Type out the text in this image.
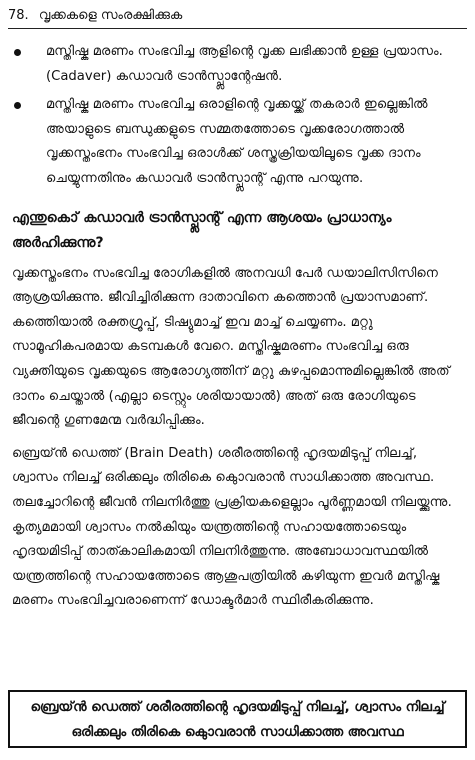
78. വൃക്കകളെ സംരക്ഷിക്കുക
മസ്തിഷ്ക മരണം സംഭവിച്ച ആളിന്റെ വൃക്ക ലഭിക്കാൻ ഉള്ള പ്രയാസം. (Cadaver) കഡാവർ ട്രാൻസ്പ്ലാന്റേഷൻ.
മസ്തിഷ്ക മരണം സംഭവിച്ച ഒരാളിന്റെ വൃക്കയ്ക്ക് തകരാർ ഇല്ലെങ്കിൽ അയാളുടെ ബന്ധുക്കളുടെ സമ്മതത്തോടെ വൃക്കരോഗത്താൽ വൃക്കസ്തംഭനം സംഭവിച്ച ഒരാൾക്ക് ശസ്ത്രക്രിയയിലൂടെ വൃക്ക ദാനം ചെയ്യുന്നതിനും കഡാവർ ട്രാൻസ്പ്ലാന്റ് എന്നു പറയുന്നു.
എന്തുകൊ് കഡാവർ ട്രാൻസ്പ്ലാന്റ് എന്ന ആശയം പ്രാധാന്യം അർഹിക്കുന്നു?
വൃക്കസ്തംഭനം സംഭവിച്ച രോഗികളിൽ അനവധി പേർ ഡയാലിസിസിനെ ആശ്രയിക്കുന്നു. ജീവിച്ചിരിക്കുന്ന ദാതാവിനെ കത്തൊൻ പ്രയാസമാണ്. കത്തെിയാൽ രക്തഗ്രൂപ്പ്, ടിഷ്യുമാച്ച് ഇവ മാച്ച് ചെയ്യണം. മറ്റു സാമൂഹികപരമായ കടമ്പകൾ വേറെ. മസ്തിഷ്കമരണം സംഭവിച്ച ഒരു വ്യക്തിയുടെ വൃക്കയുടെ ആരോഗ്യത്തിന് മറ്റു കുഴപ്പമൊന്നുമില്ലെങ്കിൽ അത് ദാനം ചെയ്താൽ (എല്ലാ ടെസ്റ്റും ശരിയായാൽ) അത് ഒരു രോഗിയുടെ ജീവന്റെ ഗുണമേന്മ വർദ്ധിപ്പിക്കും.
ബ്രെയ്ൻ ഡെത്ത് (Brain Death) ശരീരത്തിന്റെ ഹൃദയമിടുപ്പ് നിലച്ച്, ശ്വാസം നിലച്ച് ഒരിക്കലും തിരികെ കൊുവരാൻ സാധിക്കാത്ത അവസ്ഥ. തലച്ചോറിന്റെ ജീവൻ നിലനിർത്തു പ്രക്രിയകളെല്ലാം പൂർണ്ണമായി നിലയ്ക്കുന്നു. കൃത്യമമായി ശ്വാസം നൽകിയും യന്ത്രത്തിന്റെ സഹായത്തോടെയും ഹൃദയമിടിപ്പ് താത്കാലികമായി നിലനിർത്തുന്നു. അബോധാവസ്ഥയിൽ യന്ത്രത്തിന്റെ സഹായത്തോടെ ആശുപത്രിയിൽ കഴിയുന്ന ഇവർ മസ്തിഷ്ക മരണം സംഭവിച്ചവരാണെന്ന് ഡോക്ടർമാർ സ്ഥിരീകരിക്കുന്നു.
ബ്രെയ്ൻ ഡെത്ത് ശരീരത്തിന്റെ ഹൃദയമിടുപ്പ് നിലച്ച്, ശ്വാസം നിലച്ച് ഒരിക്കലും തിരികെ കൊുവരാൻ സാധിക്കാത്ത അവസ്ഥ
